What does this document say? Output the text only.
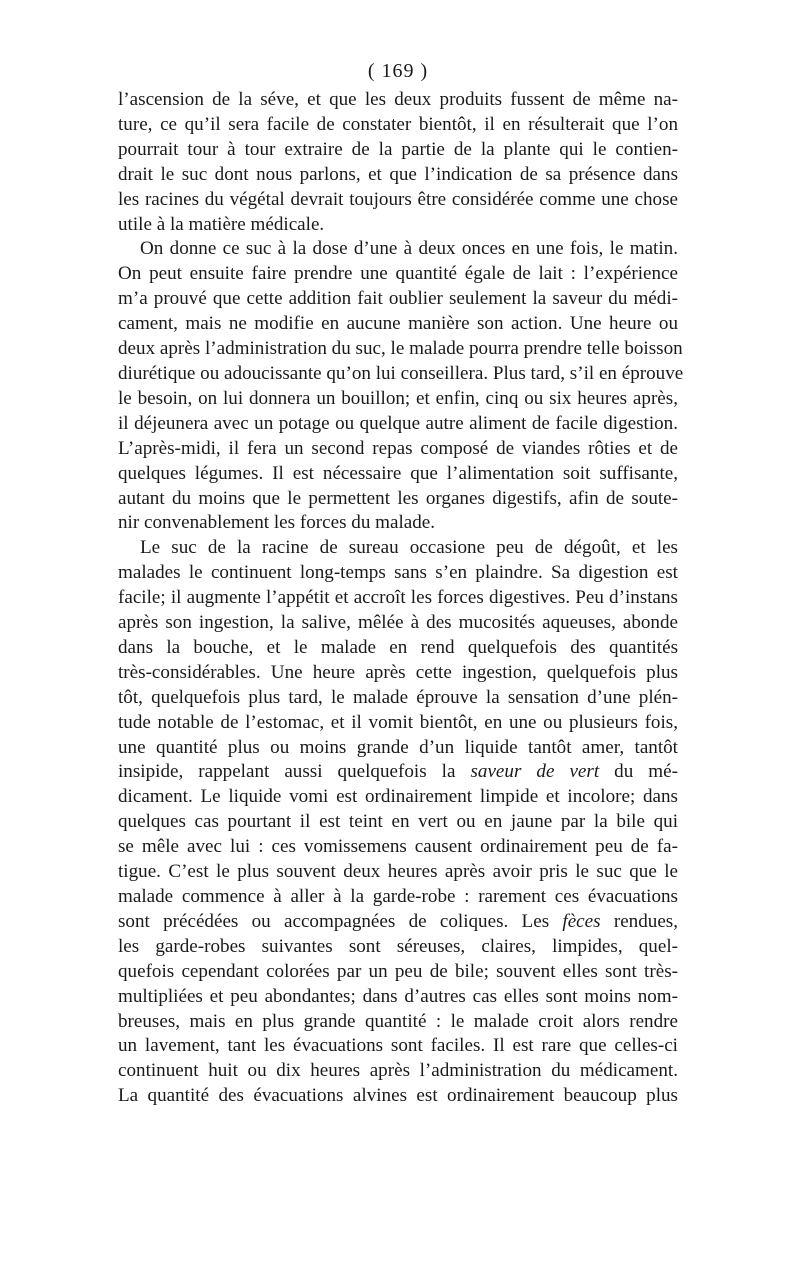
( 169 )
l’ascension de la séve, et que les deux produits fussent de même na-
ture, ce qu’il sera facile de constater bientôt, il en résulterait que l’on
pourrait tour à tour extraire de la partie de la plante qui le contien-
drait le suc dont nous parlons, et que l’indication de sa présence dans
les racines du végétal devrait toujours être considérée comme une chose
utile à la matière médicale.
On donne ce suc à la dose d’une à deux onces en une fois, le matin.
On peut ensuite faire prendre une quantité égale de lait : l’expérience
m’a prouvé que cette addition fait oublier seulement la saveur du médi-
cament, mais ne modifie en aucune manière son action. Une heure ou
deux après l’administration du suc, le malade pourra prendre telle boisson
diurétique ou adoucissante qu’on lui conseillera. Plus tard, s’il en éprouve
le besoin, on lui donnera un bouillon; et enfin, cinq ou six heures après,
il déjeunera avec un potage ou quelque autre aliment de facile digestion.
L’après-midi, il fera un second repas composé de viandes rôties et de
quelques légumes. Il est nécessaire que l’alimentation soit suffisante,
autant du moins que le permettent les organes digestifs, afin de soute-
nir convenablement les forces du malade.
Le suc de la racine de sureau occasione peu de dégoût, et les
malades le continuent long-temps sans s’en plaindre. Sa digestion est
facile; il augmente l’appétit et accroît les forces digestives. Peu d’instans
après son ingestion, la salive, mêlée à des mucosités aqueuses, abonde
dans la bouche, et le malade en rend quelquefois des quantités
très-considérables. Une heure après cette ingestion, quelquefois plus
tôt, quelquefois plus tard, le malade éprouve la sensation d’une plén-
tude notable de l’estomac, et il vomit bientôt, en une ou plusieurs fois,
une quantité plus ou moins grande d’un liquide tantôt amer, tantôt
insipide, rappelant aussi quelquefois la saveur de vert du mé-
dicament. Le liquide vomi est ordinairement limpide et incolore; dans
quelques cas pourtant il est teint en vert ou en jaune par la bile qui
se mêle avec lui : ces vomissemens causent ordinairement peu de fa-
tigue. C’est le plus souvent deux heures après avoir pris le suc que le
malade commence à aller à la garde-robe : rarement ces évacuations
sont précédées ou accompagnées de coliques. Les fèces rendues,
les garde-robes suivantes sont séreuses, claires, limpides, quel-
quefois cependant colorées par un peu de bile; souvent elles sont très-
multipliées et peu abondantes; dans d’autres cas elles sont moins nom-
breuses, mais en plus grande quantité : le malade croit alors rendre
un lavement, tant les évacuations sont faciles. Il est rare que celles-ci
continuent huit ou dix heures après l’administration du médicament.
La quantité des évacuations alvines est ordinairement beaucoup plus
